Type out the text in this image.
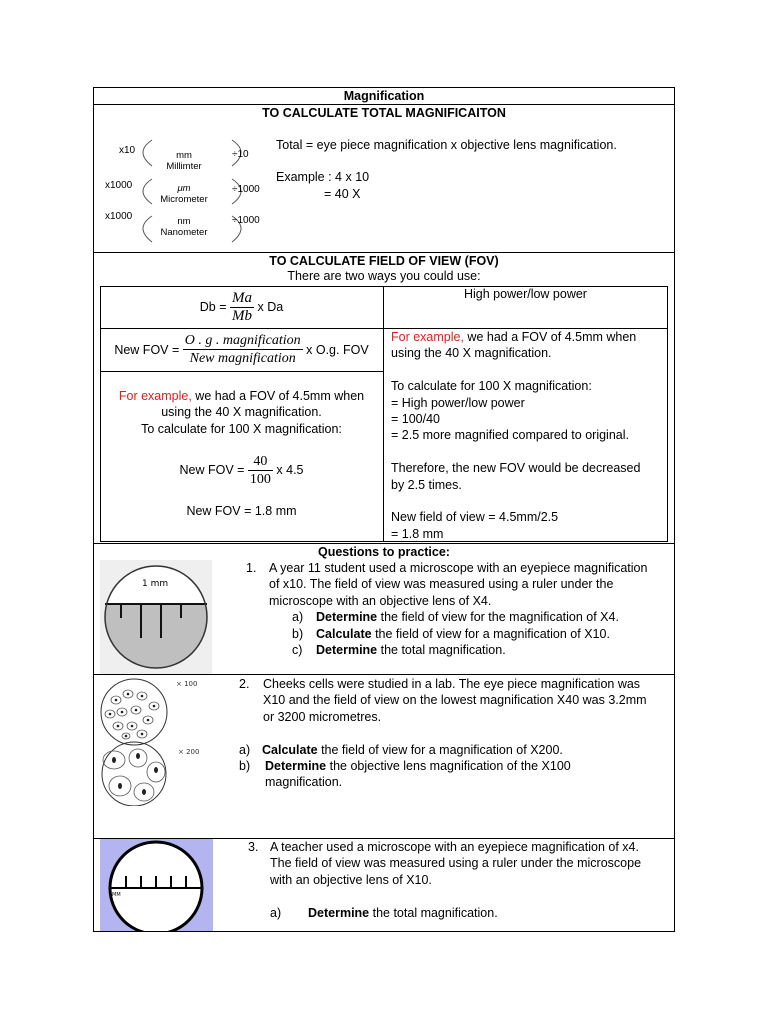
Magnification
TO CALCULATE TOTAL MAGNIFICAITON
x10
x1000
x1000
÷10
÷1000
÷1000
mm
Millimter
μm
Micrometer
nm
Nanometer
Total = eye piece magnification x objective lens magnification.
Example : 4 x 10
= 40 X
TO CALCULATE FIELD OF VIEW (FOV)
There are two ways you could use:
Db =
$\frac{Ma}{Mb}$
x Da
High power/low power
New FOV =
$\frac{\text{O . g . magnification}}{\text{New magnification}}$
x O.g. FOV
For example, we had a FOV of 4.5mm when
using the 40 X magnification.
To calculate for 100 X magnification:
New FOV =
$\frac{40}{100}$
x 4.5
New FOV = 1.8 mm
For example, we had a FOV of 4.5mm when
using the 40 X magnification.

To calculate for 100 X magnification:
= High power/low power
= 100/40
= 2.5 more magnified compared to original.

Therefore, the new FOV would be decreased
by 2.5 times.

New field of view = 4.5mm/2.5
= 1.8 mm
Questions to practice:
1 mm
1. A year 11 student used a microscope with an eyepiece magnification
of x10. The field of view was measured using a ruler under the
microscope with an objective lens of X4.
a) Determine the field of view for the magnification of X4.
b) Calculate the field of view for a magnification of X10.
c) Determine the total magnification.
× 100
× 200
2. Cheeks cells were studied in a lab. The eye piece magnification was
X10 and the field of view on the lowest magnification X40 was 3.2mm
or 3200 micrometres.

a) Calculate the field of view for a magnification of X200.
b) Determine the objective lens magnification of the X100
magnification.
MM
3. A teacher used a microscope with an eyepiece magnification of x4.
The field of view was measured using a ruler under the microscope
with an objective lens of X10.

a) Determine the total magnification.
